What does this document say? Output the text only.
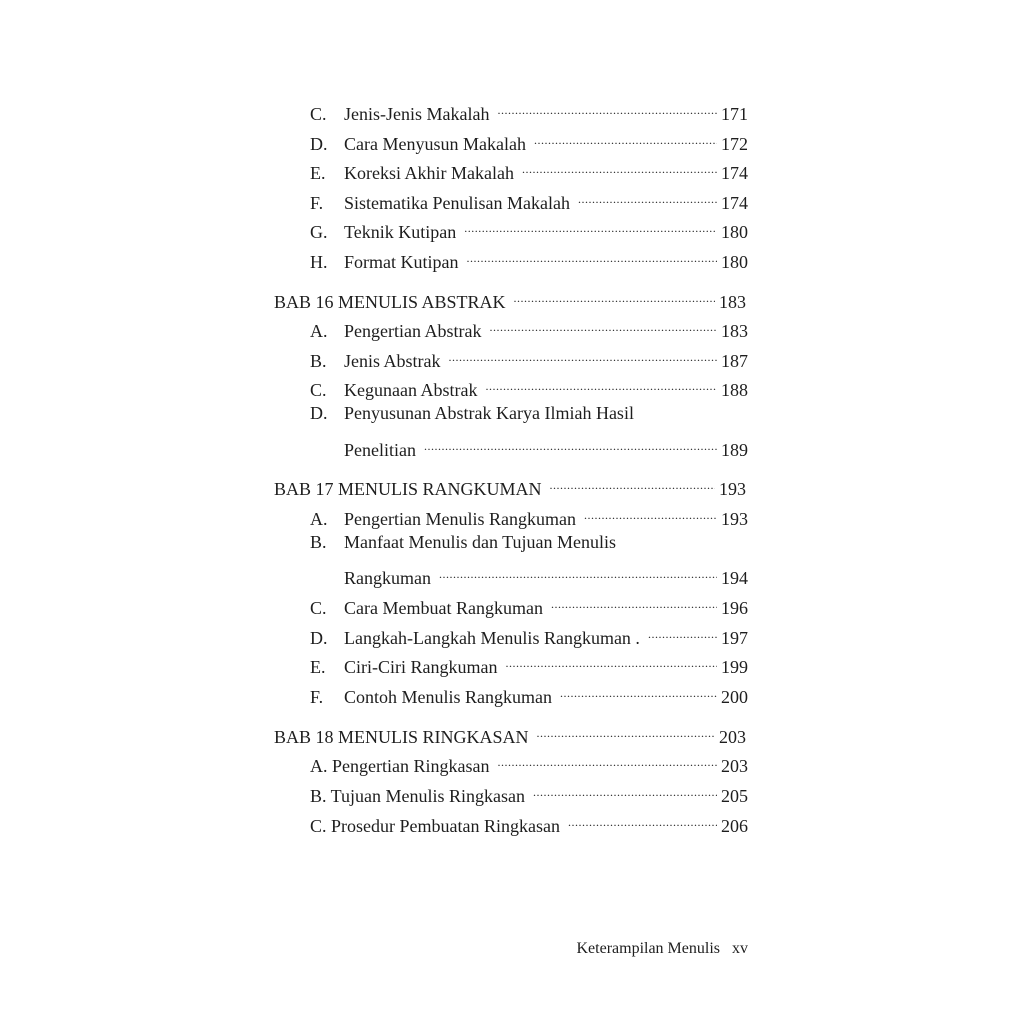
C. Jenis-Jenis Makalah .....	171
D. Cara Menyusun Makalah .....	172
E.	Koreksi Akhir Makalah .....	174
F.	Sistematika Penulisan Makalah .....	174
G. Teknik Kutipan .....	180
H. Format Kutipan .....	180
BAB 16 MENULIS ABSTRAK .....	183
A. Pengertian Abstrak .....	183
B. Jenis Abstrak .....	187
C. Kegunaan Abstrak .....	188
D. Penyusunan Abstrak Karya Ilmiah Hasil
Penelitian .....	189
BAB 17 MENULIS RANGKUMAN .....	193
A. Pengertian Menulis Rangkuman .....	193
B. Manfaat Menulis dan Tujuan Menulis
Rangkuman .....	194
C. Cara Membuat Rangkuman .....	196
D. Langkah-Langkah Menulis Rangkuman . .....	197
E.	Ciri-Ciri Rangkuman .....	199
F.	Contoh Menulis Rangkuman .....	200
BAB 18 MENULIS RINGKASAN .....	203
A. Pengertian Ringkasan .....	203
B. Tujuan Menulis Ringkasan .....	205
C. Prosedur Pembuatan Ringkasan .....	206
Keterampilan Menulis xv
